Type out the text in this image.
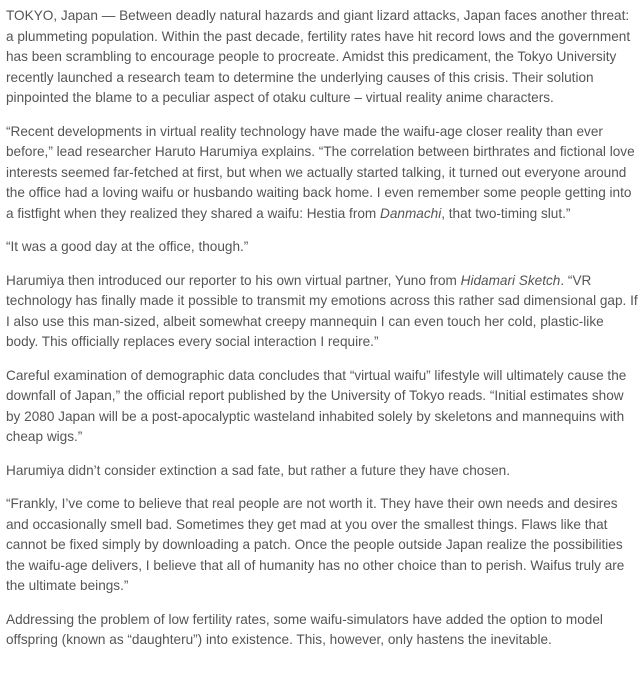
TOKYO, Japan — Between deadly natural hazards and giant lizard attacks, Japan faces another threat: a plummeting population. Within the past decade, fertility rates have hit record lows and the government has been scrambling to encourage people to procreate. Amidst this predicament, the Tokyo University recently launched a research team to determine the underlying causes of this crisis. Their solution pinpointed the blame to a peculiar aspect of otaku culture – virtual reality anime characters.

“Recent developments in virtual reality technology have made the waifu-age closer reality than ever before,” lead researcher Haruto Harumiya explains. “The correlation between birthrates and fictional love interests seemed far-fetched at first, but when we actually started talking, it turned out everyone around the office had a loving waifu or husbando waiting back home. I even remember some people getting into a fistfight when they realized they shared a waifu: Hestia from Danmachi, that two-timing slut.”

“It was a good day at the office, though.”

Harumiya then introduced our reporter to his own virtual partner, Yuno from Hidamari Sketch. “VR technology has finally made it possible to transmit my emotions across this rather sad dimensional gap. If I also use this man-sized, albeit somewhat creepy mannequin I can even touch her cold, plastic-like body. This officially replaces every social interaction I require.”

Careful examination of demographic data concludes that “virtual waifu” lifestyle will ultimately cause the downfall of Japan,” the official report published by the University of Tokyo reads. “Initial estimates show by 2080 Japan will be a post-apocalyptic wasteland inhabited solely by skeletons and mannequins with cheap wigs.”

Harumiya didn’t consider extinction a sad fate, but rather a future they have chosen.

“Frankly, I’ve come to believe that real people are not worth it. They have their own needs and desires and occasionally smell bad. Sometimes they get mad at you over the smallest things. Flaws like that cannot be fixed simply by downloading a patch. Once the people outside Japan realize the possibilities the waifu-age delivers, I believe that all of humanity has no other choice than to perish. Waifus truly are the ultimate beings.”

Addressing the problem of low fertility rates, some waifu-simulators have added the option to model offspring (known as “daughteru”) into existence. This, however, only hastens the inevitable.
